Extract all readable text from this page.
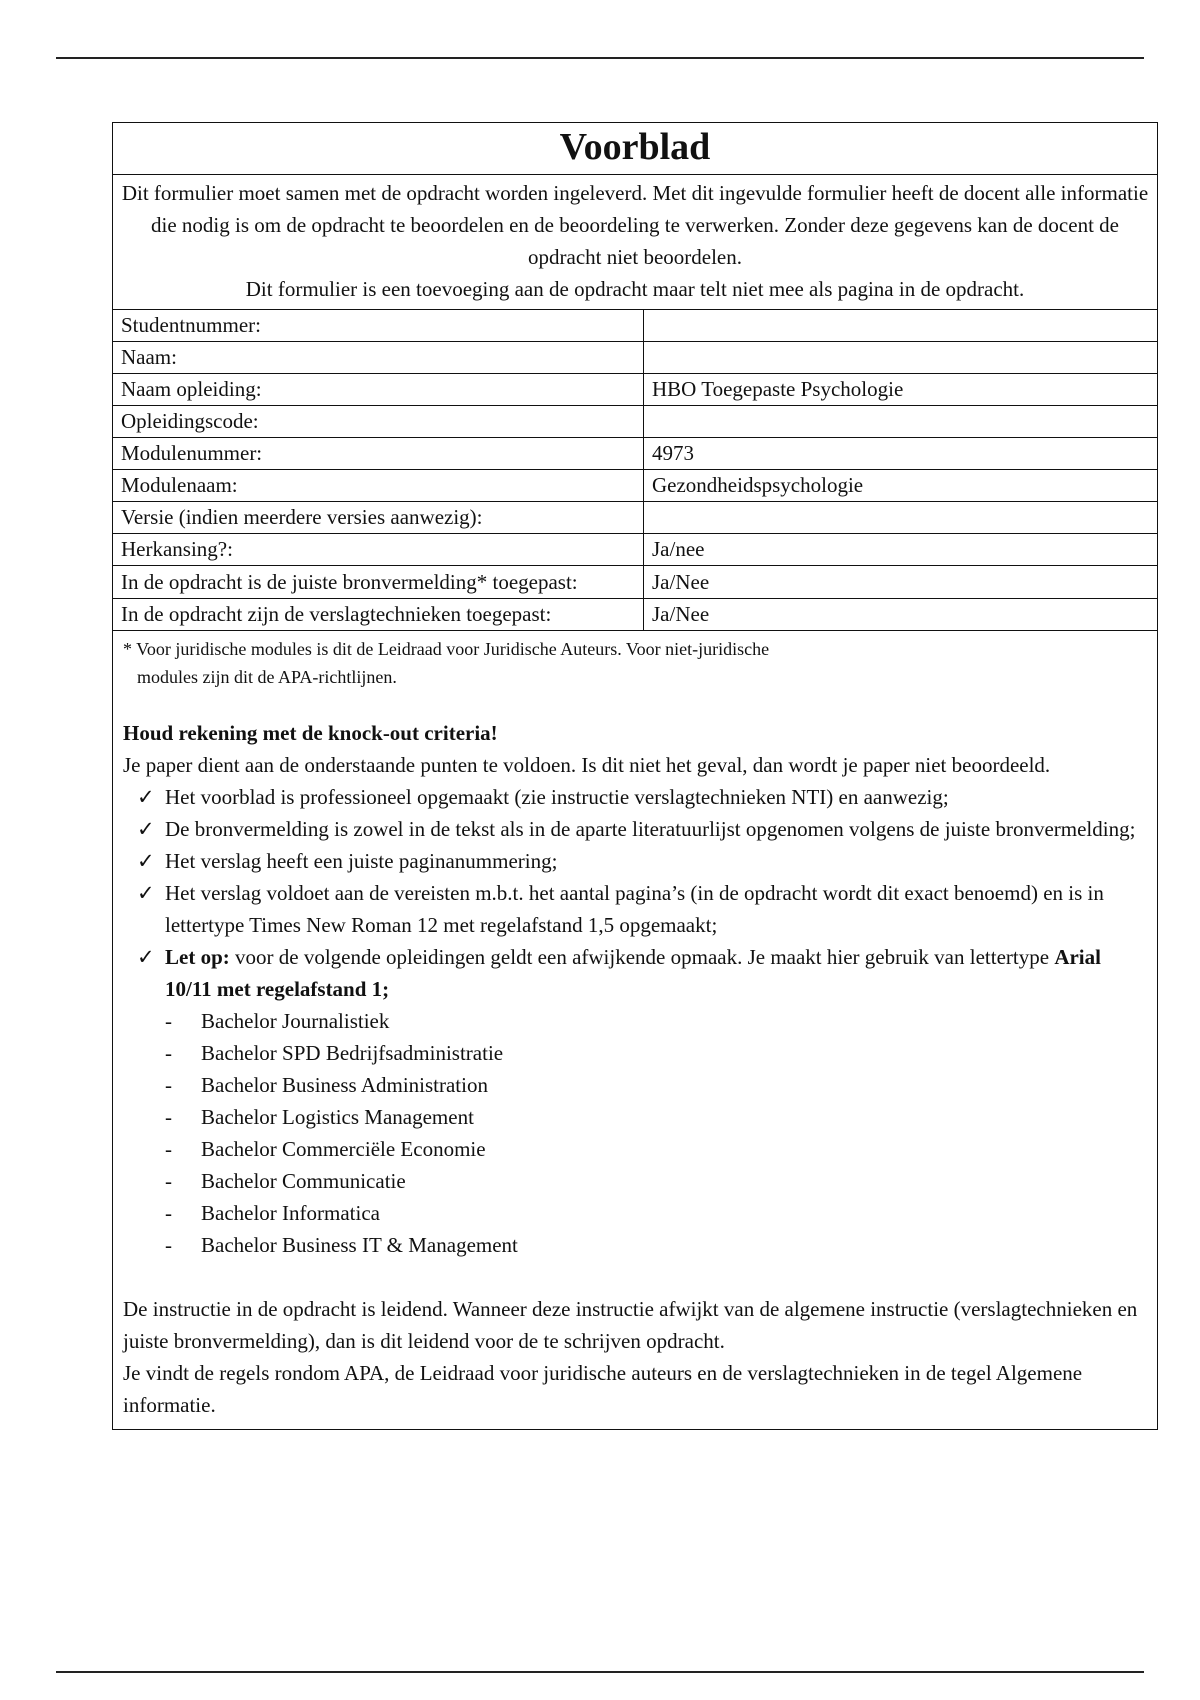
Voorblad

Dit formulier moet samen met de opdracht worden ingeleverd. Met dit ingevulde formulier heeft de docent alle informatie die nodig is om de opdracht te beoordelen en de beoordeling te verwerken. Zonder deze gegevens kan de docent de opdracht niet beoordelen.

Dit formulier is een toevoeging aan de opdracht maar telt niet mee als pagina in de opdracht.

Studentnummer:	
Naam:	
Naam opleiding:	HBO Toegepaste Psychologie
Opleidingscode:	
Modulenummer:	4973
Modulenaam:	Gezondheidspsychologie
Versie (indien meerdere versies aanwezig):	
Herkansing?:	Ja/nee
In de opdracht is de juiste bronvermelding* toegepast:	Ja/Nee
In de opdracht zijn de verslagtechnieken toegepast:	Ja/Nee

* Voor juridische modules is dit de Leidraad voor Juridische Auteurs. Voor niet-juridische
modules zijn dit de APA-richtlijnen.

Houd rekening met de knock-out criteria!

Je paper dient aan de onderstaande punten te voldoen. Is dit niet het geval, dan wordt je paper niet beoordeeld.

✓ Het voorblad is professioneel opgemaakt (zie instructie verslagtechnieken NTI) en aanwezig;
✓ De bronvermelding is zowel in de tekst als in de aparte literatuurlijst opgenomen volgens de juiste bronvermelding;
✓ Het verslag heeft een juiste paginanummering;
✓ Het verslag voldoet aan de vereisten m.b.t. het aantal pagina’s (in de opdracht wordt dit exact benoemd) en is in lettertype Times New Roman 12 met regelafstand 1,5 opgemaakt;
✓ Let op: voor de volgende opleidingen geldt een afwijkende opmaak. Je maakt hier gebruik van lettertype Arial 10/11 met regelafstand 1;
- Bachelor Journalistiek
- Bachelor SPD Bedrijfsadministratie
- Bachelor Business Administration
- Bachelor Logistics Management
- Bachelor Commerciële Economie
- Bachelor Communicatie
- Bachelor Informatica
- Bachelor Business IT & Management

De instructie in de opdracht is leidend. Wanneer deze instructie afwijkt van de algemene instructie (verslagtechnieken en juiste bronvermelding), dan is dit leidend voor de te schrijven opdracht.

Je vindt de regels rondom APA, de Leidraad voor juridische auteurs en de verslagtechnieken in de tegel Algemene informatie.
